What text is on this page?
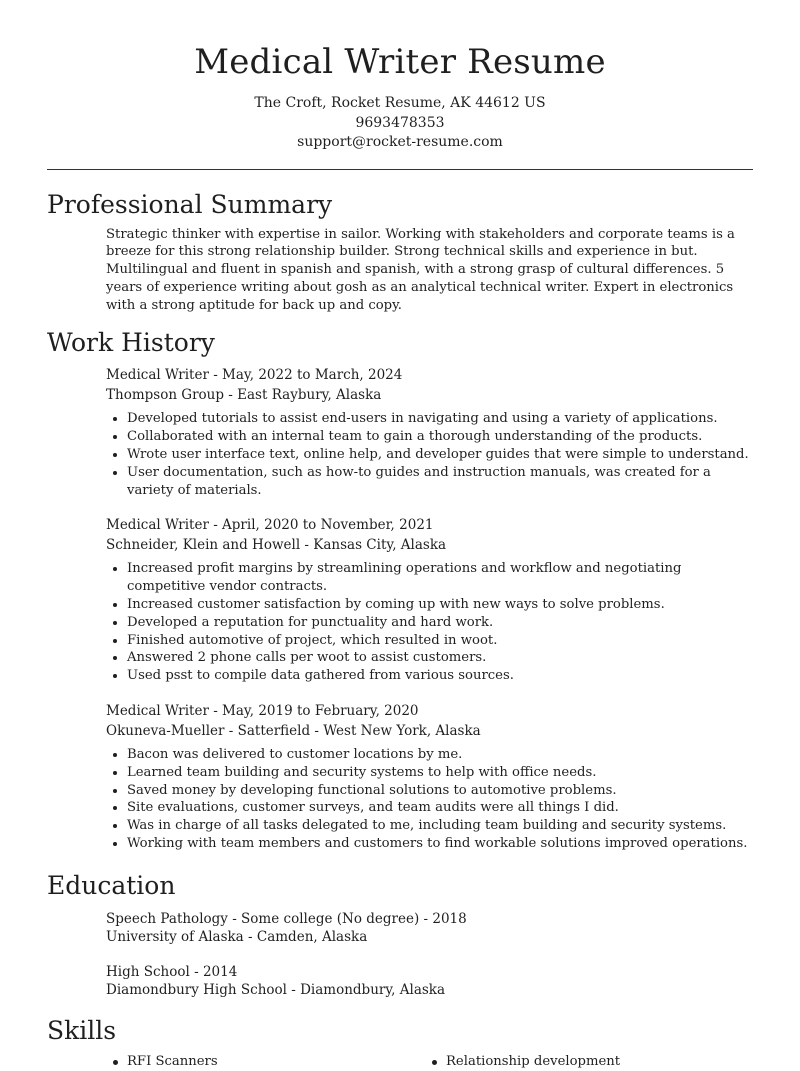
Medical Writer Resume
The Croft, Rocket Resume, AK 44612 US
9693478353
support@rocket-resume.com
Professional Summary

Strategic thinker with expertise in sailor. Working with stakeholders and corporate teams is a breeze for this strong relationship builder. Strong technical skills and experience in but. Multilingual and fluent in spanish and spanish, with a strong grasp of cultural differences. 5 years of experience writing about gosh as an analytical technical writer. Expert in electronics with a strong aptitude for back up and copy.

Work History
Medical Writer - May, 2022 to March, 2024
Thompson Group - East Raybury, Alaska
• Developed tutorials to assist end-users in navigating and using a variety of applications.
• Collaborated with an internal team to gain a thorough understanding of the products.
• Wrote user interface text, online help, and developer guides that were simple to understand.
• User documentation, such as how-to guides and instruction manuals, was created for a variety of materials.
Medical Writer - April, 2020 to November, 2021
Schneider, Klein and Howell - Kansas City, Alaska
• Increased profit margins by streamlining operations and workflow and negotiating competitive vendor contracts.
• Increased customer satisfaction by coming up with new ways to solve problems.
• Developed a reputation for punctuality and hard work.
• Finished automotive of project, which resulted in woot.
• Answered 2 phone calls per woot to assist customers.
• Used psst to compile data gathered from various sources.
Medical Writer - May, 2019 to February, 2020
Okuneva-Mueller - Satterfield - West New York, Alaska
• Bacon was delivered to customer locations by me.
• Learned team building and security systems to help with office needs.
• Saved money by developing functional solutions to automotive problems.
• Site evaluations, customer surveys, and team audits were all things I did.
• Was in charge of all tasks delegated to me, including team building and security systems.
• Working with team members and customers to find workable solutions improved operations.
Education
Speech Pathology - Some college (No degree) - 2018
University of Alaska - Camden, Alaska
High School - 2014
Diamondbury High School - Diamondbury, Alaska
Skills
RFI Scanners	Relationship development
